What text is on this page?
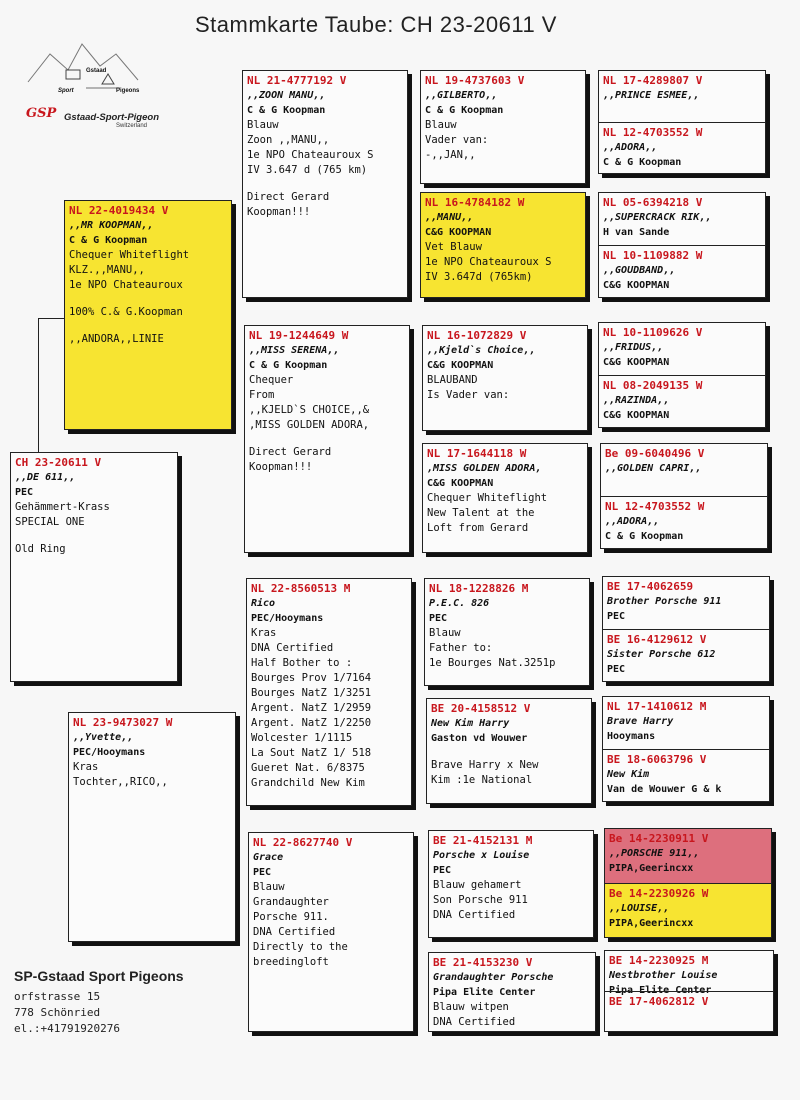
Stammkarte Taube: CH 23-20611 V
Gstaad
Sport	Pigeons
GSP Gstaad-Sport-Pigeon
Switzerland
NL 22-4019434 V
,,MR KOOPMAN,,
C & G Koopman
Chequer Whiteflight
KLZ.,,MANU,,
1e NPO Chateauroux
100% C.& G.Koopman
,,ANDORA,,LINIE
CH 23-20611 V
,,DE 611,,
PEC
Gehämmert-Krass
SPECIAL ONE
Old Ring
NL 23-9473027 W
,,Yvette,,
PEC/Hooymans
Kras
Tochter,,RICO,,
NL 21-4777192 V
,,ZOON MANU,,
C & G Koopman
Blauw
Zoon ,,MANU,,
1e NPO Chateauroux S
IV 3.647 d (765 km)
Direct Gerard
Koopman!!!
NL 19-1244649 W
,,MISS SERENA,,
C & G Koopman
Chequer
From
,,KJELD`S CHOICE,,&
,MISS GOLDEN ADORA,
Direct Gerard
Koopman!!!
NL 22-8560513 M
Rico
PEC/Hooymans
Kras
DNA Certified
Half Bother to :
Bourges Prov 1/7164
Bourges NatZ 1/3251
Argent. NatZ 1/2959
Argent. NatZ 1/2250
Wolcester 1/1115
La Sout NatZ 1/ 518
Gueret Nat. 6/8375
Grandchild New Kim
NL 22-8627740 V
Grace
PEC
Blauw
Grandaughter
Porsche 911.
DNA Certified
Directly to the
breedingloft
NL 19-4737603 V
,,GILBERTO,,
C & G Koopman
Blauw
Vader van:
-,,JAN,,
NL 16-4784182 W
,,MANU,,
C&G KOOPMAN
Vet Blauw
1e NPO Chateauroux S
IV 3.647d (765km)
NL 16-1072829 V
,,Kjeld`s Choice,,
C&G KOOPMAN
BLAUBAND
Is Vader van:
NL 17-1644118 W
,MISS GOLDEN ADORA,
C&G KOOPMAN
Chequer Whiteflight
New Talent at the
Loft from Gerard
NL 18-1228826 M
P.E.C. 826
PEC
Blauw
Father to:
1e Bourges Nat.3251p
BE 20-4158512 V
New Kim Harry
Gaston vd Wouwer
Brave Harry x New
Kim :1e National
BE 21-4152131 M
Porsche x Louise
PEC
Blauw gehamert
Son Porsche 911
DNA Certified
BE 21-4153230 V
Grandaughter Porsche
Pipa Elite Center
Blauw witpen
DNA Certified
NL 17-4289807 V
,,PRINCE ESMEE,,
NL 12-4703552 W
,,ADORA,,
C & G Koopman
NL 05-6394218 V
,,SUPERCRACK RIK,,
H van Sande
NL 10-1109882 W
,,GOUDBAND,,
C&G KOOPMAN
NL 10-1109626 V
,,FRIDUS,,
C&G KOOPMAN
NL 08-2049135 W
,,RAZINDA,,
C&G KOOPMAN
Be 09-6040496 V
,,GOLDEN CAPRI,,
NL 12-4703552 W
,,ADORA,,
C & G Koopman
BE 17-4062659
Brother Porsche 911
PEC
BE 16-4129612 V
Sister Porsche 612
PEC
NL 17-1410612 M
Brave Harry
Hooymans
BE 18-6063796 V
New Kim
Van de Wouwer G & k
Be 14-2230911 V
,,PORSCHE 911,,
PIPA,Geerincxx
Be 14-2230926 W
,,LOUISE,,
PIPA,Geerincxx
BE 14-2230925 M
Nestbrother Louise
Pipa Elite Center
BE 17-4062812 V
SP-Gstaad Sport Pigeons
orfstrasse 15
778 Schönried
el.:+41791920276
